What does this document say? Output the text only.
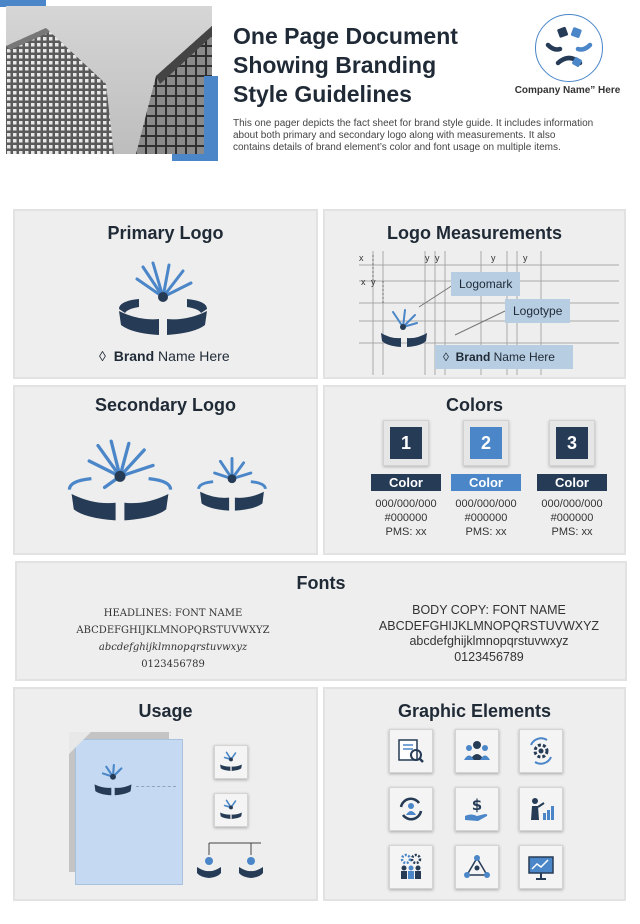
One Page Document
Showing Branding
Style Guidelines
This one pager depicts the fact sheet for brand style guide. It includes information
about both primary and secondary logo along with measurements. It also
contains details of brand element’s color and font usage on multiple items.
Company Name” Here
Primary Logo
◊ Brand Name Here
Logo Measurements
x
x y
y y	y	y
Logomark
Logotype
◊ Brand Name Here
Secondary Logo	Colors
1
Color
000/000/000
#000000
PMS: xx
2
Color
000/000/000
#000000
PMS: xx
3
Color
000/000/000
#000000
PMS: xx
Fonts
HEADLINES: FONT NAME
ABCDEFGHIJKLMNOPQRSTUVWXYZ
abcdefghijklmnopqrstuvwxyz
0123456789
BODY COPY: FONT NAME
ABCDEFGHIJKLMNOPQRSTUVWXYZ
abcdefghijklmnopqrstuvwxyz
0123456789
Usage	Graphic Elements
$
